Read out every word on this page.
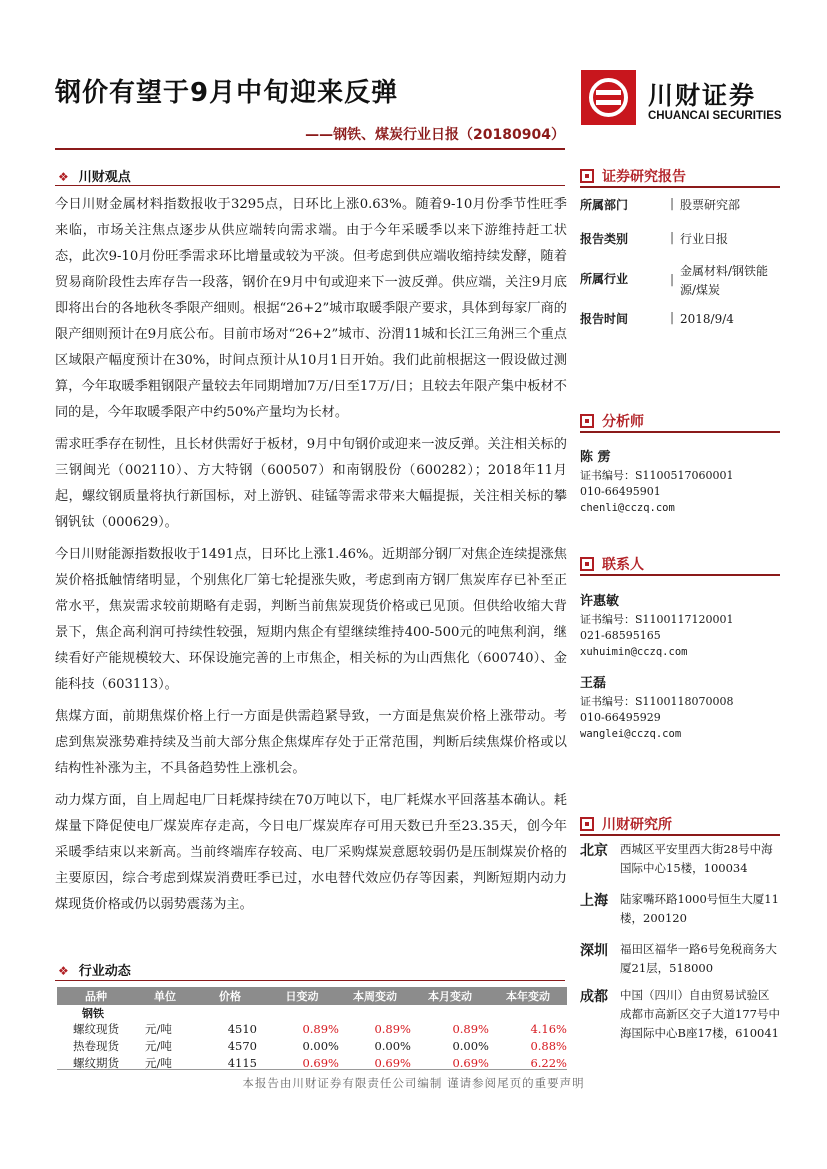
钢价有望于9月中旬迎来反弹
——钢铁、煤炭行业日报（20180904）
川财证券
CHUANCAI SECURITIES
❖ 川财观点

今日川财金属材料指数报收于3295点，日环比上涨0.63%。随着9-10月份季节性旺季来临，市场关注焦点逐步从供应端转向需求端。由于今年采暖季以来下游维持赶工状态，此次9-10月份旺季需求环比增量或较为平淡。但考虑到供应端收缩持续发酵，随着贸易商阶段性去库存告一段落，钢价在9月中旬或迎来下一波反弹。供应端，关注9月底即将出台的各地秋冬季限产细则。根据“26+2”城市取暖季限产要求，具体到每家厂商的限产细则预计在9月底公布。目前市场对“26+2”城市、汾渭11城和长江三角洲三个重点区域限产幅度预计在30%，时间点预计从10月1日开始。我们此前根据这一假设做过测算，今年取暖季粗钢限产量较去年同期增加7万/日至17万/日；且较去年限产集中板材不同的是，今年取暖季限产中约50%产量均为长材。

需求旺季存在韧性，且长材供需好于板材，9月中旬钢价或迎来一波反弹。关注相关标的三钢闽光（002110）、方大特钢（600507）和南钢股份（600282）；2018年11月起，螺纹钢质量将执行新国标，对上游钒、硅锰等需求带来大幅提振，关注相关标的攀钢钒钛（000629）。

今日川财能源指数报收于1491点，日环比上涨1.46%。近期部分钢厂对焦企连续提涨焦炭价格抵触情绪明显，个别焦化厂第七轮提涨失败，考虑到南方钢厂焦炭库存已补至正常水平，焦炭需求较前期略有走弱，判断当前焦炭现货价格或已见顶。但供给收缩大背景下，焦企高利润可持续性较强，短期内焦企有望继续维持400-500元的吨焦利润，继续看好产能规模较大、环保设施完善的上市焦企，相关标的为山西焦化（600740）、金能科技（603113）。

焦煤方面，前期焦煤价格上行一方面是供需趋紧导致，一方面是焦炭价格上涨带动。考虑到焦炭涨势难持续及当前大部分焦企焦煤库存处于正常范围，判断后续焦煤价格或以结构性补涨为主，不具备趋势性上涨机会。

动力煤方面，自上周起电厂日耗煤持续在70万吨以下，电厂耗煤水平回落基本确认。耗煤量下降促使电厂煤炭库存走高，今日电厂煤炭库存可用天数已升至23.35天，创今年采暖季结束以来新高。当前终端库存较高、电厂采购煤炭意愿较弱仍是压制煤炭价格的主要原因，综合考虑到煤炭消费旺季已过，水电替代效应仍存等因素，判断短期内动力煤现货价格或仍以弱势震荡为主。

❖ 行业动态
品种	单位	价格	日变动	本周变动	本月变动	本年变动
钢铁
螺纹现货	元/吨	4510	0.89%	0.89%	0.89%	4.16%
热卷现货	元/吨	4570	0.00%	0.00%	0.00%	0.88%
螺纹期货	元/吨	4115	0.69%	0.69%	0.69%	6.22%
本报告由川财证券有限责任公司编制 谨请参阅尾页的重要声明
证券研究报告
所属部门	| 股票研究部
报告类别	| 行业日报
所属行业	|
金属材料/钢铁能源/煤炭
报告时间	| 2018/9/4
分析师
陈 雳
证书编号：S1100517060001
010-66495901
chenli@cczq.com
联系人
许惠敏
证书编号：S1100117120001
021-68595165
xuhuimin@cczq.com
王磊
证书编号：S1100118070008
010-66495929
wanglei@cczq.com
川财研究所
北京	西城区平安里西大街28号中海国际中心15楼，100034
上海	陆家嘴环路1000号恒生大厦11楼，200120
深圳	福田区福华一路6号免税商务大厦21层，518000
成都	中国（四川）自由贸易试验区成都市高新区交子大道177号中海国际中心B座17楼，610041
